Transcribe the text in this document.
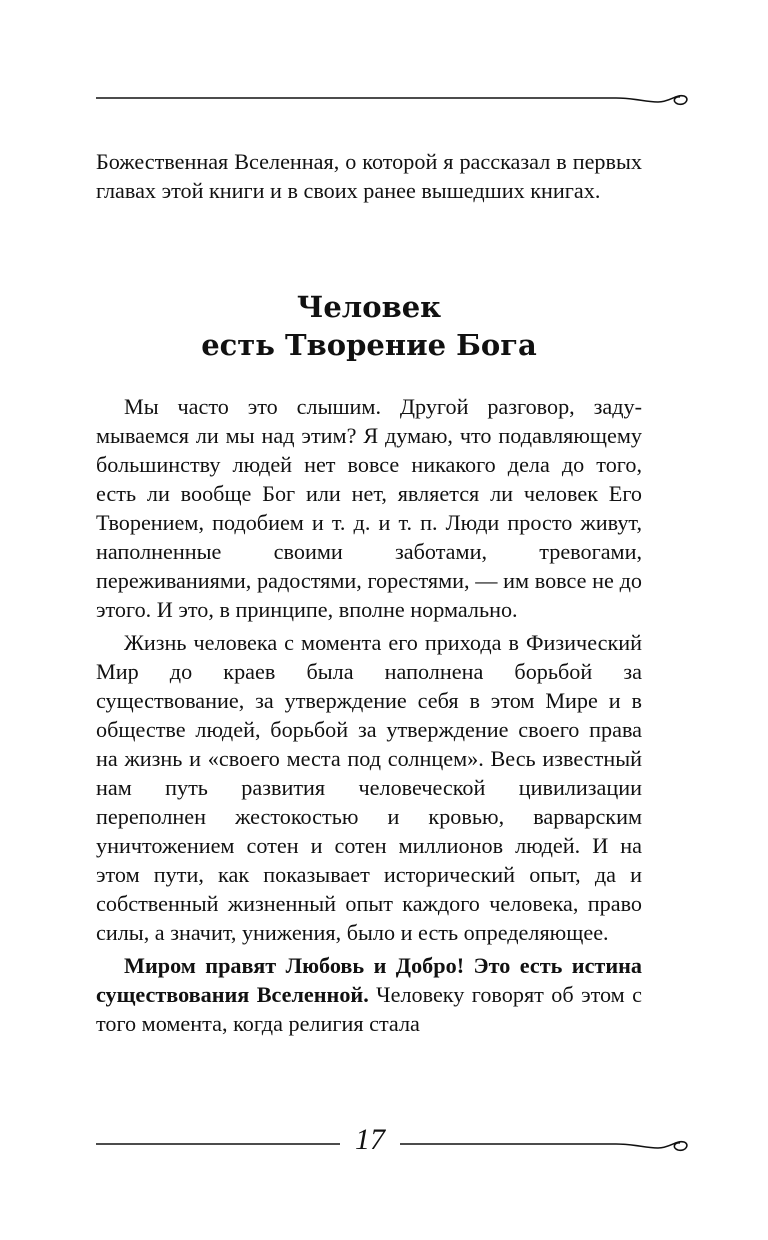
Божественная Вселенная, о которой я рассказал в первых главах этой книги и в своих ранее вышедших книгах.

Человек
есть Творение Бога

Мы часто это слышим. Другой разговор, задумываемся ли мы над этим? Я думаю, что подавляющему большинству людей нет вовсе никакого дела до того, есть ли вообще Бог или нет, является ли человек Его Творением, подобием и т. д. и т. п. Люди просто живут, наполненные своими заботами, тревогами, переживаниями, радостями, горестями, — им вовсе не до этого. И это, в принципе, вполне нормально.

Жизнь человека с момента его прихода в Физический Мир до краев была наполнена борьбой за существование, за утверждение себя в этом Мире и в обществе людей, борьбой за утверждение своего права на жизнь и «своего места под солнцем». Весь известный нам путь развития человеческой цивилизации переполнен жестокостью и кровью, варварским уничтожением сотен и сотен миллионов людей. И на этом пути, как показывает исторический опыт, да и собственный жизненный опыт каждого человека, право силы, а значит, унижения, было и есть определяющее.

Миром правят Любовь и Добро! Это есть истина существования Вселенной. Человеку говорят об этом с того момента, когда религия стала

17
